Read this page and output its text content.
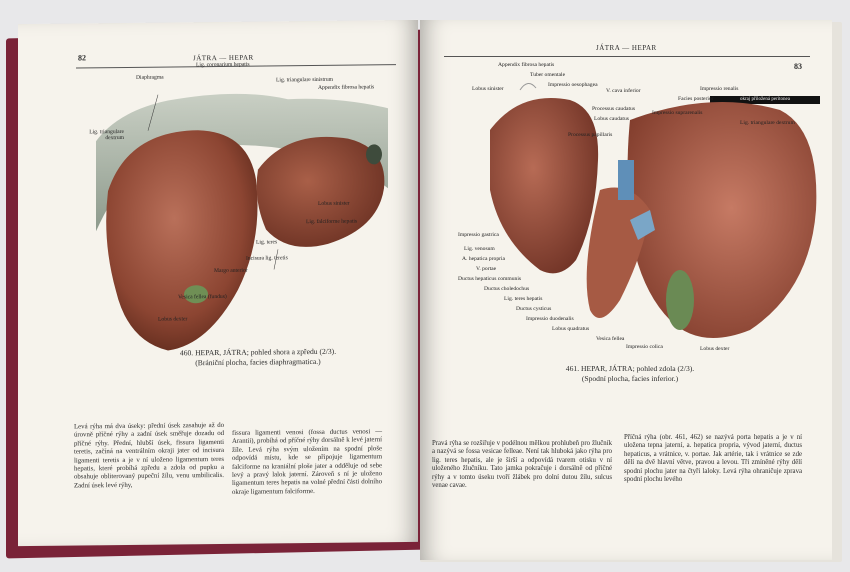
82	JÁTRA — HEPAR
Diaphragma
Lig. coronarium hepatis
Lig. triangulare sinistrum
Appendix fibrosa hepatis
Lig. triangulare dextrum
Lobus sinister
Lig. falciforme hepatis
Lig. teres
Incisura lig. teretis
Margo anterior
Vesica fellea (fundus)
Lobus dexter
460. HEPAR, JÁTRA; pohled shora a zpředu (2/3).
(Brániční plocha, facies diaphragmatica.)
Levá rýha má dva úseky: přední úsek zasahuje až do úrovně příčné rýhy a zadní úsek směřuje dozadu od příčné rýhy. Přední, hlubší úsek, fissura ligamenti teretis, začíná na ventrálním okraji jater od incisura ligamenti teretis a je v ní uloženo ligamentum teres hepatis, které probíhá zpředu a zdola od pupku a obsahuje obliterovaný pupeční žílu, venu umbilicalis. Zadní úsek levé rýhy,
fissura ligamenti venosi (fossa ductus venosi — Arantii), probíhá od příčné rýhy dorsálně k levé jaterní žíle. Levá rýha svým uložením na spodní ploše odpovídá místu, kde se připojuje ligamentum falciforme na kraniální ploše jater a odděluje od sebe levý a pravý lalok jaterní. Zároveň s ní je uloženo ligamentum teres hepatis na volné přední části dolního okraje ligamentum falciforme.
JÁTRA — HEPAR
83
okraj přiložená peritonea
Appendix fibrosa hepatis
Tuber omentale
Lobus sinister
Impressio oesophagea
V. cava inferior	Impressio renalis
Processus caudatus
Lobus caudatus
Impressio suprarenalis
Facies posterior
Lig. triangulare dextrum
Processus papillaris
Impressio gastrica
Lig. venosum
A. hepatica propria
V. portae
Ductus hepaticus communis
Ductus choledochus
Lig. teres hepatis
Ductus cysticus
Impressio duodenalis
Lobus quadratus
Vesica fellea
Impressio colica	Lobus dexter
461. HEPAR, JÁTRA; pohled zdola (2/3).
(Spodní plocha, facies inferior.)
Pravá rýha se rozšiřuje v podélnou mělkou prohlubeň pro žlučník a nazývá se fossa vesicae felleae. Není tak hluboká jako rýha pro lig. teres hepatis, ale je širší a odpovídá tvarem otisku v ní uloženého žlučníku. Tato jamka pokračuje i dorsálně od příčné rýhy a v tomto úseku tvoří žlábek pro dolní dutou žílu, sulcus venae cavae.
Příčná rýha (obr. 461, 462) se nazývá porta hepatis a je v ní uložena tepna jaterní, a. hepatica propria, vývod jaterní, ductus hepaticus, a vrátnice, v. portae. Jak artérie, tak i vrátnice se zde dělí na dvě hlavní větve, pravou a levou. Tři zmíněné rýhy dělí spodní plochu jater na čtyři laloky. Levá rýha ohraničuje zprava spodní plochu levého
